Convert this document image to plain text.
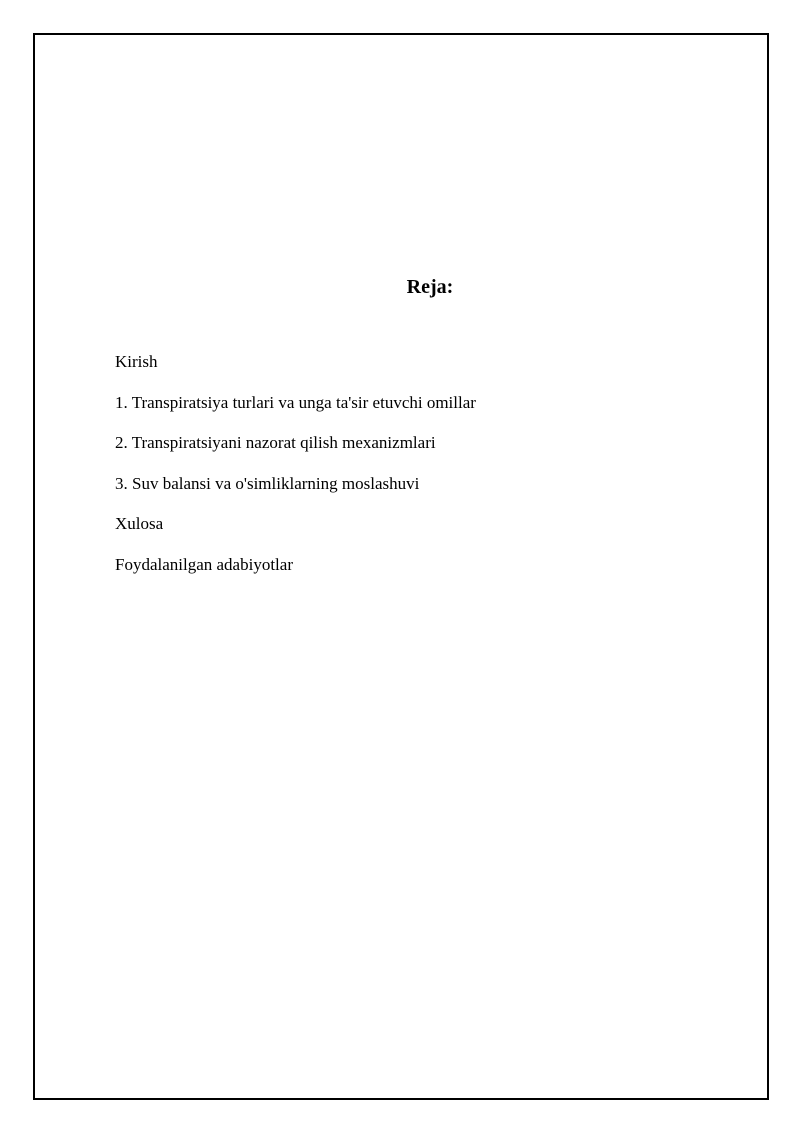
Reja:
Kirish
1. Transpiratsiya turlari va unga ta'sir etuvchi omillar
2. Transpiratsiyani nazorat qilish mexanizmlari
3. Suv balansi va o'simliklarning moslashuvi
Xulosa
Foydalanilgan adabiyotlar
